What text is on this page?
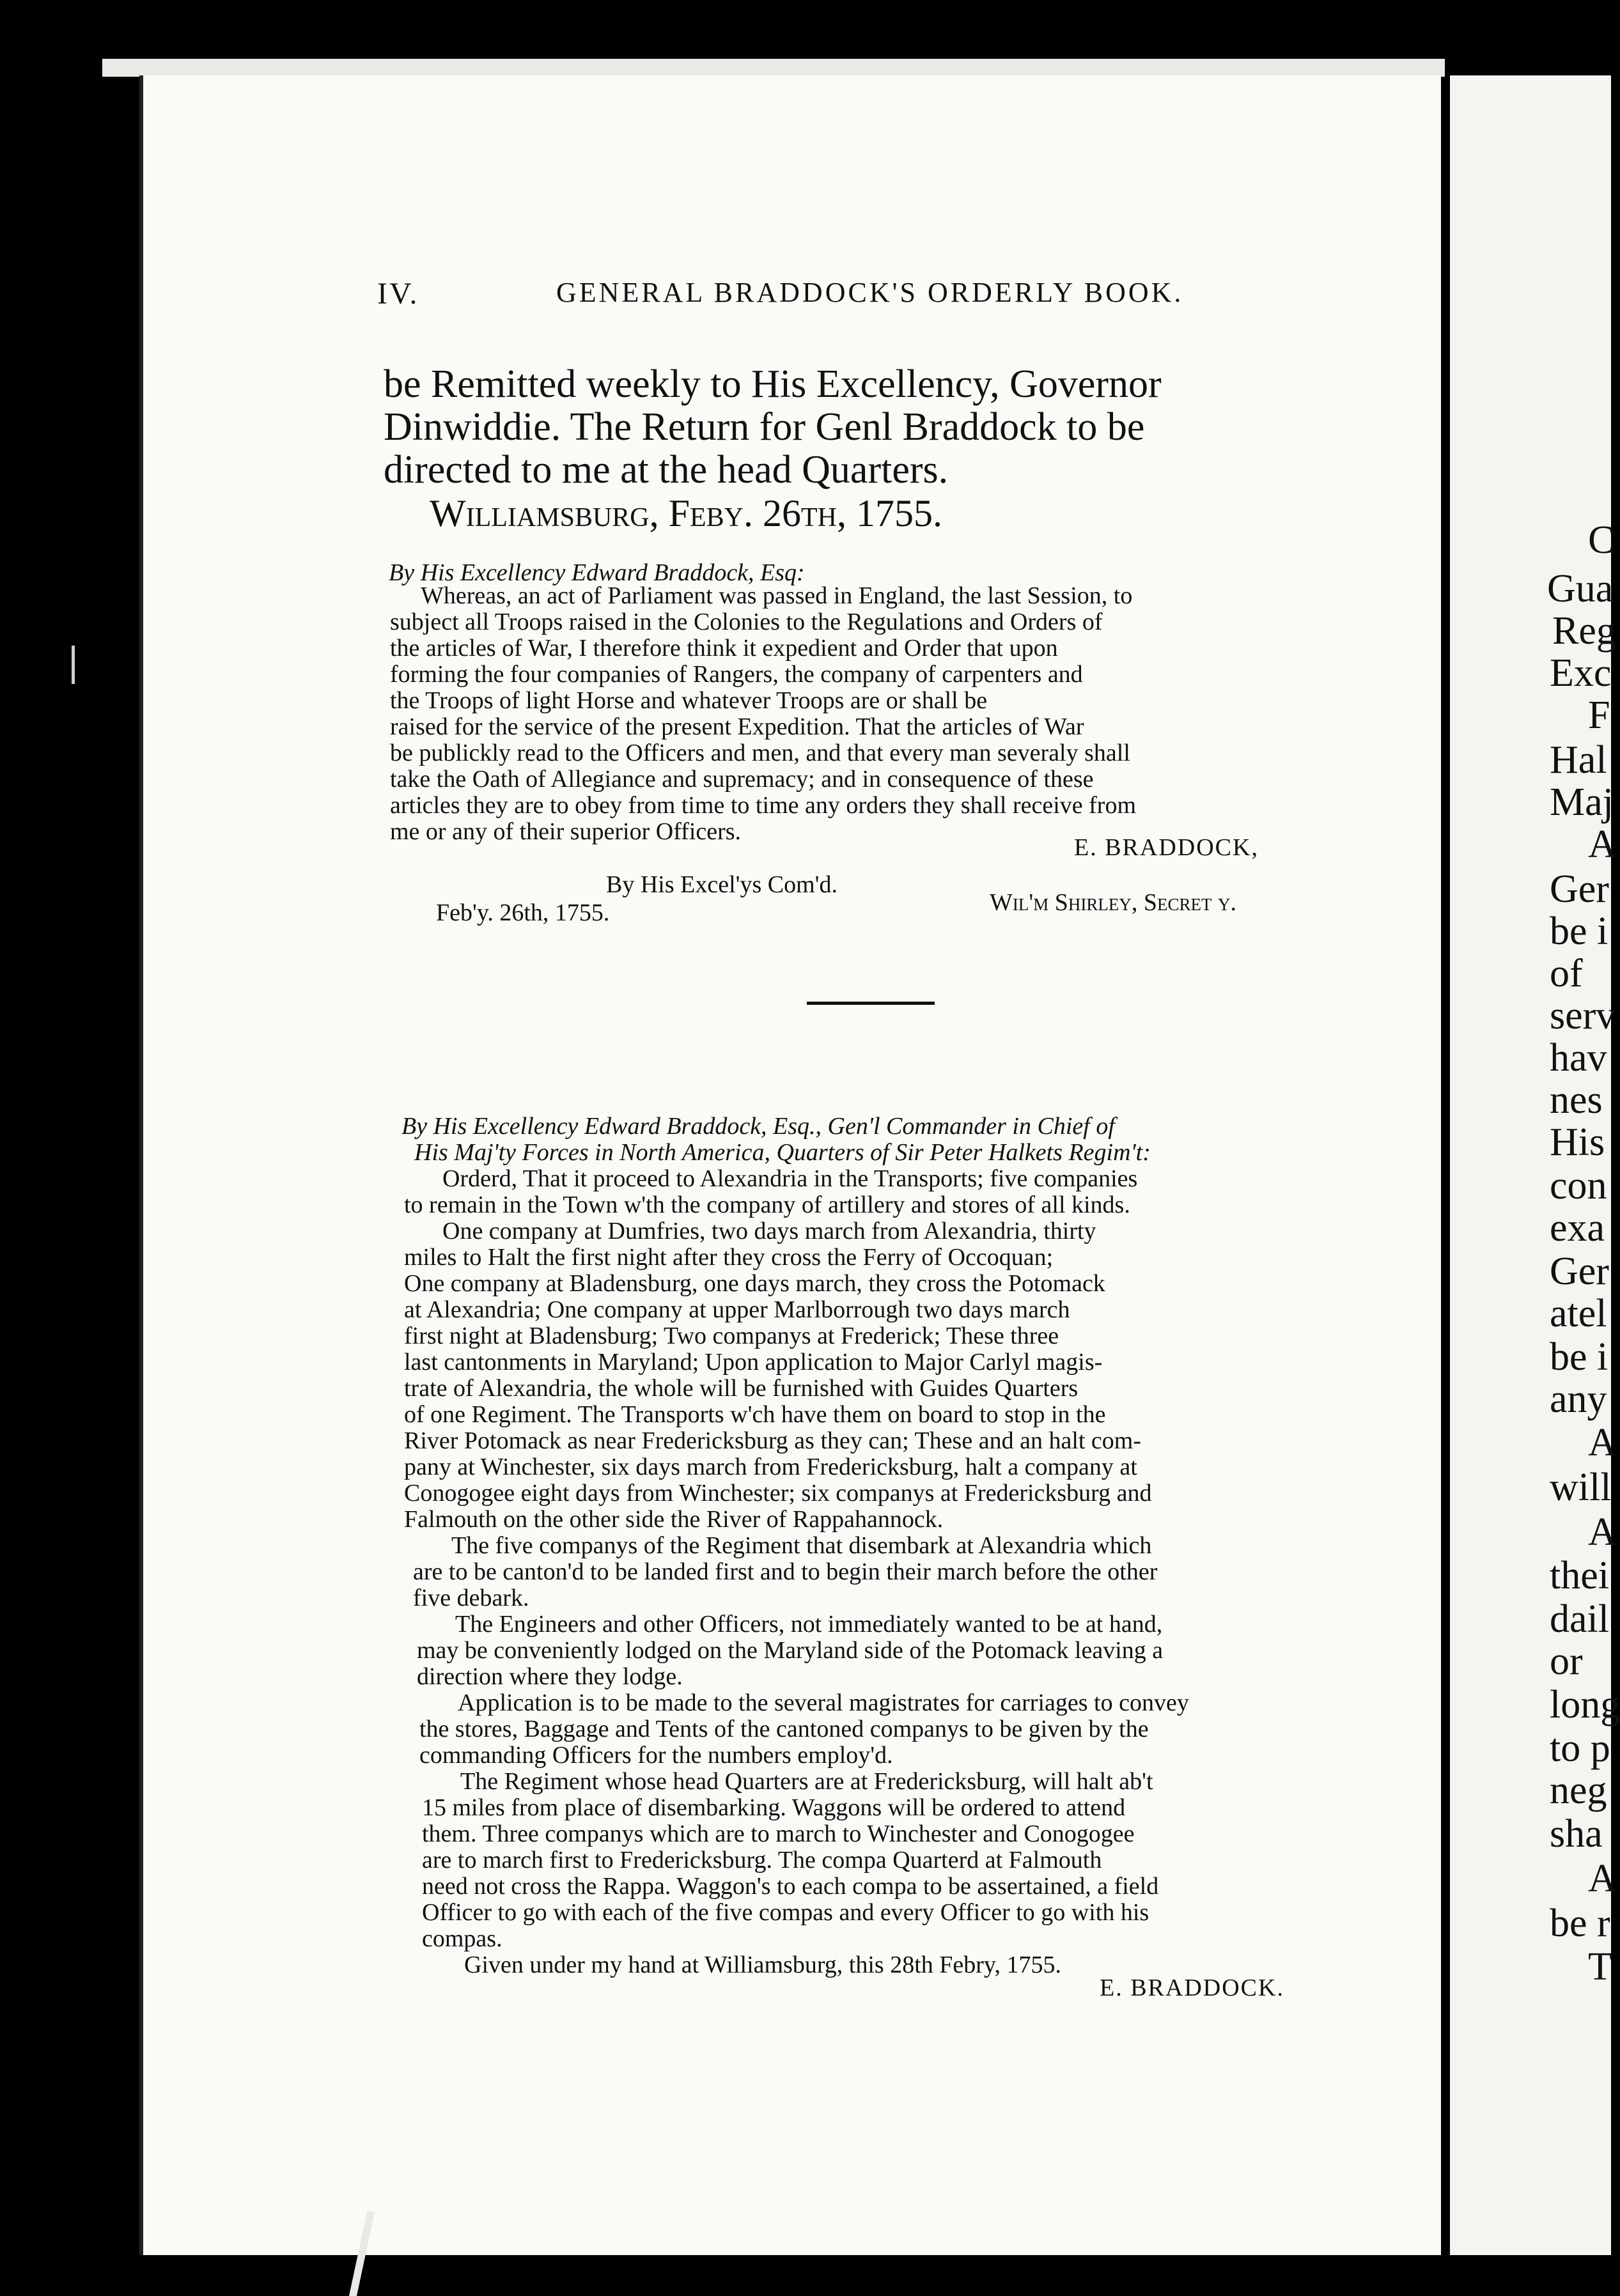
IV.	GENERAL BRADDOCK'S ORDERLY BOOK.
be Remitted weekly to His Excellency, Governor
Dinwiddie. The Return for Genl Braddock to be
directed to me at the head Quarters.
Williamsburg, Feby. 26th, 1755.
By His Excellency Edward Braddock, Esq:
Whereas, an act of Parliament was passed in England, the last Session, to
subject all Troops raised in the Colonies to the Regulations and Orders of
the articles of War, I therefore think it expedient and Order that upon
forming the four companies of Rangers, the company of carpenters and
the Troops of light Horse and whatever Troops are or shall be
raised for the service of the present Expedition. That the articles of War
be publickly read to the Officers and men, and that every man severaly shall
take the Oath of Allegiance and supremacy; and in consequence of these
articles they are to obey from time to time any orders they shall receive from
me or any of their superior Officers.
E. BRADDOCK,
By His Excel'ys Com'd.
Feb'y. 26th, 1755.	Wil'm Shirley, Secret y.
By His Excellency Edward Braddock, Esq., Gen'l Commander in Chief of
His Maj'ty Forces in North America, Quarters of Sir Peter Halkets Regim't:
Orderd, That it proceed to Alexandria in the Transports; five companies
to remain in the Town w'th the company of artillery and stores of all kinds.
One company at Dumfries, two days march from Alexandria, thirty
miles to Halt the first night after they cross the Ferry of Occoquan;
One company at Bladensburg, one days march, they cross the Potomack
at Alexandria; One company at upper Marlborrough two days march
first night at Bladensburg; Two companys at Frederick; These three
last cantonments in Maryland; Upon application to Major Carlyl magis-
trate of Alexandria, the whole will be furnished with Guides Quarters
of one Regiment. The Transports w'ch have them on board to stop in the
River Potomack as near Fredericksburg as they can; These and an halt com-
pany at Winchester, six days march from Fredericksburg, halt a company at
Conogogee eight days from Winchester; six companys at Fredericksburg and
Falmouth on the other side the River of Rappahannock.
The five companys of the Regiment that disembark at Alexandria which
are to be canton'd to be landed first and to begin their march before the other
five debark.
The Engineers and other Officers, not immediately wanted to be at hand,
may be conveniently lodged on the Maryland side of the Potomack leaving a
direction where they lodge.
Application is to be made to the several magistrates for carriages to convey
the stores, Baggage and Tents of the cantoned companys to be given by the
commanding Officers for the numbers employ'd.
The Regiment whose head Quarters are at Fredericksburg, will halt ab't
15 miles from place of disembarking. Waggons will be ordered to attend
them. Three companys which are to march to Winchester and Conogogee
are to march first to Fredericksburg. The compa Quarterd at Falmouth
need not cross the Rappa. Waggon's to each compa to be assertained, a field
Officer to go with each of the five compas and every Officer to go with his
compas.
Given under my hand at Williamsburg, this 28th Febry, 1755.
E. BRADDOCK.
C
Gua
Reg
Exc
F
Hal
Maj
A
Ger
be i
of
serv
hav
nes
His
con
exa
Ger
atel
be i
any
A
will
A
thei
dail
or
long
to p
neg
sha
A
be r
T
